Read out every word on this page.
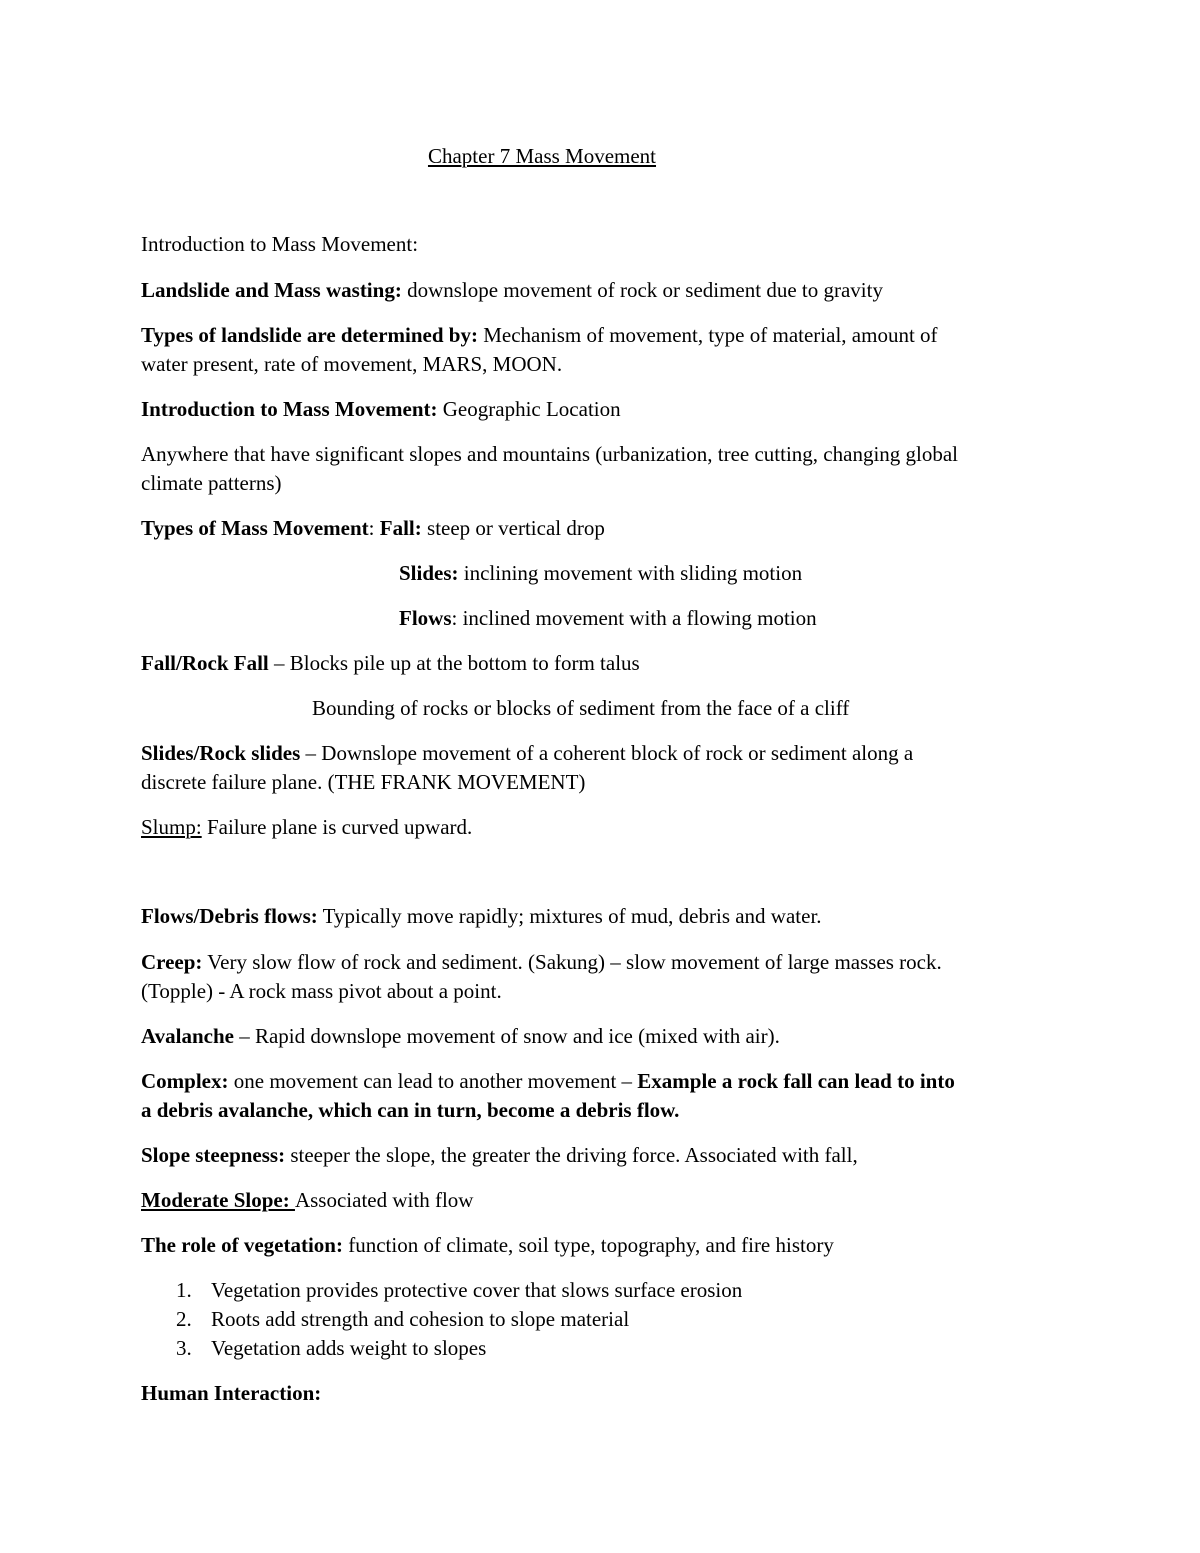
Chapter 7 Mass Movement
Introduction to Mass Movement:
Landslide and Mass wasting: downslope movement of rock or sediment due to gravity
Types of landslide are determined by: Mechanism of movement, type of material, amount of
water present, rate of movement, MARS, MOON.
Introduction to Mass Movement: Geographic Location
Anywhere that have significant slopes and mountains (urbanization, tree cutting, changing global
climate patterns)
Types of Mass Movement: Fall: steep or vertical drop
Slides: inclining movement with sliding motion
Flows: inclined movement with a flowing motion
Fall/Rock Fall – Blocks pile up at the bottom to form talus
Bounding of rocks or blocks of sediment from the face of a cliff
Slides/Rock slides – Downslope movement of a coherent block of rock or sediment along a
discrete failure plane. (THE FRANK MOVEMENT)
Slump: Failure plane is curved upward.
Flows/Debris flows: Typically move rapidly; mixtures of mud, debris and water.
Creep: Very slow flow of rock and sediment. (Sakung) – slow movement of large masses rock.
(Topple) - A rock mass pivot about a point.
Avalanche – Rapid downslope movement of snow and ice (mixed with air).
Complex: one movement can lead to another movement – Example a rock fall can lead to into
a debris avalanche, which can in turn, become a debris flow.
Slope steepness: steeper the slope, the greater the driving force. Associated with fall,
Moderate Slope: Associated with flow
The role of vegetation: function of climate, soil type, topography, and fire history
1. Vegetation provides protective cover that slows surface erosion
2. Roots add strength and cohesion to slope material
3. Vegetation adds weight to slopes
Human Interaction:
